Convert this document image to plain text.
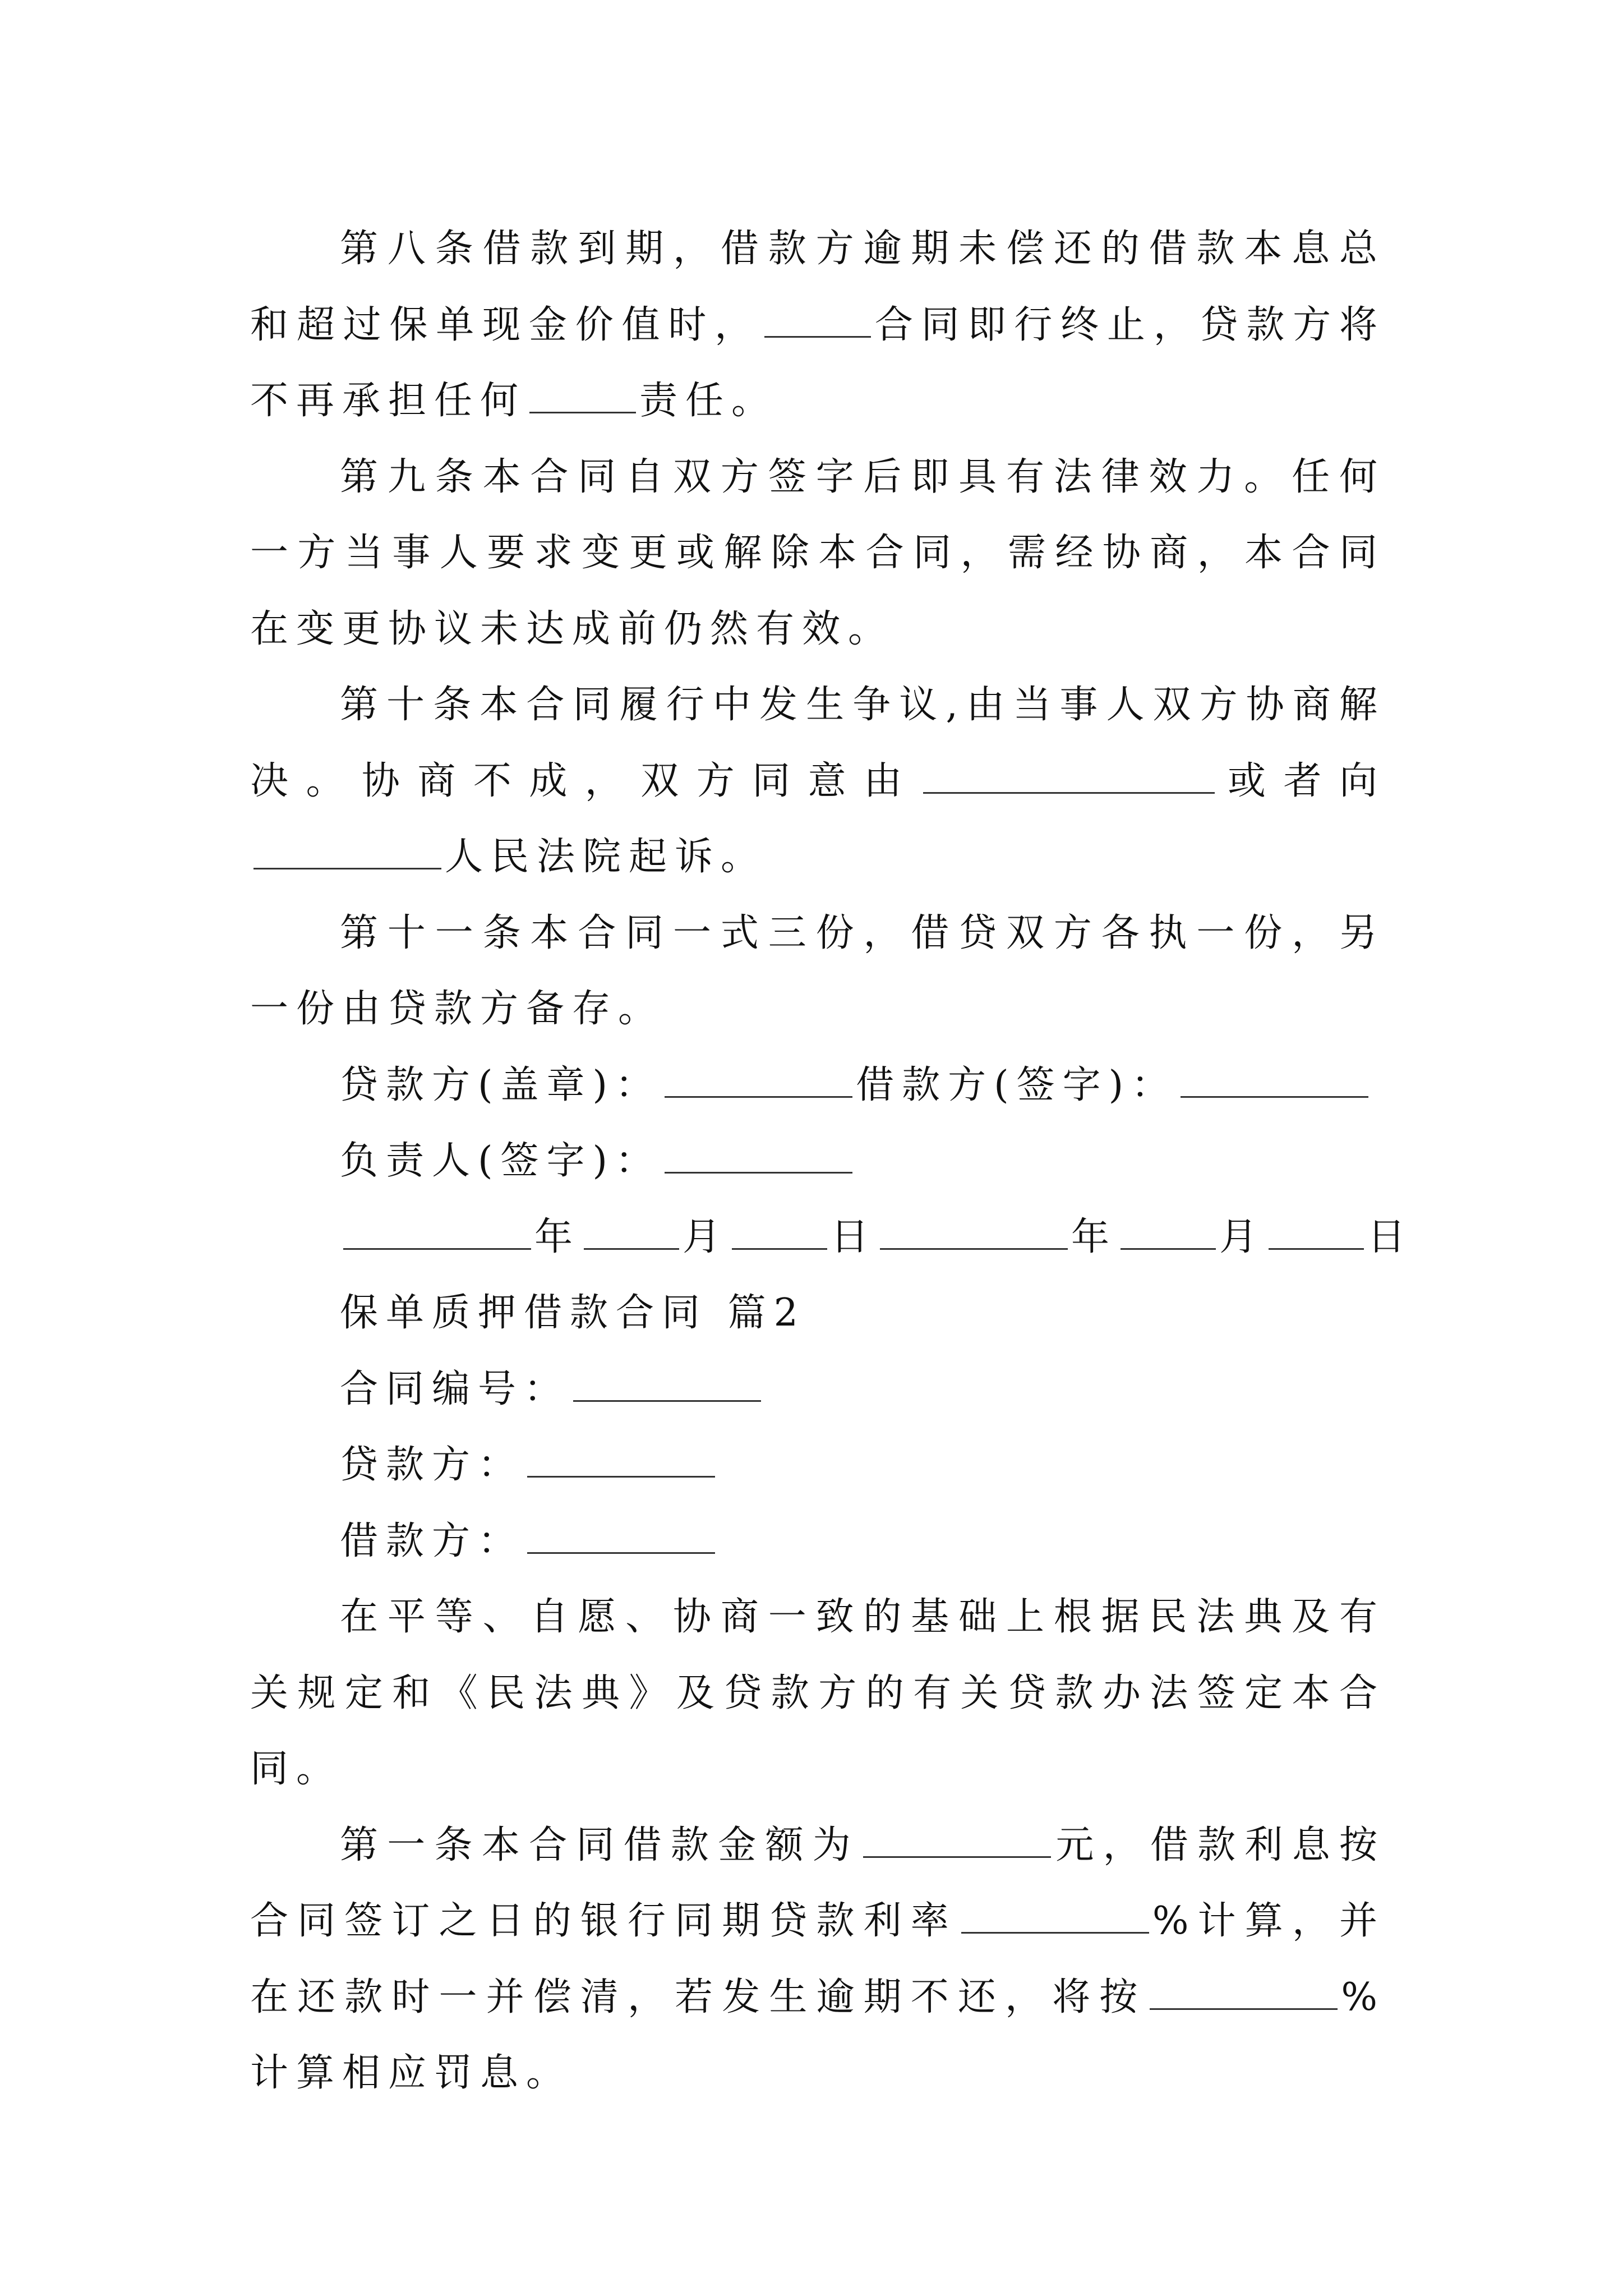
第八条借款到期，借款方逾期未偿还的借款本息总和超过保单现金价值时，	合同即行终止，贷款方将不再承担任何	责任。

第九条本合同自双方签字后即具有法律效力。任何一方当事人要求变更或解除本合同，需经协商，本合同在变更协议未达成前仍然有效。

第十条本合同履行中发生争议,由当事人双方协商解决。协商不成，双方同意由	或者向人民法院起诉。

第十一条本合同一式三份，借贷双方各执一份，另一份由贷款方备存。

贷款方(盖章)：	借款方(签字)：

负责人(签字)：

年	月	日	年	月	日

保单质押借款合同 篇2

合同编号：

贷款方：

借款方：

在平等、自愿、协商一致的基础上根据民法典及有关规定和《民法典》及贷款方的有关贷款办法签定本合同。

第一条本合同借款金额为	元，借款利息按合同签订之日的银行同期贷款利率	%计算，并在还款时一并偿清，若发生逾期不还，将按	%计算相应罚息。
